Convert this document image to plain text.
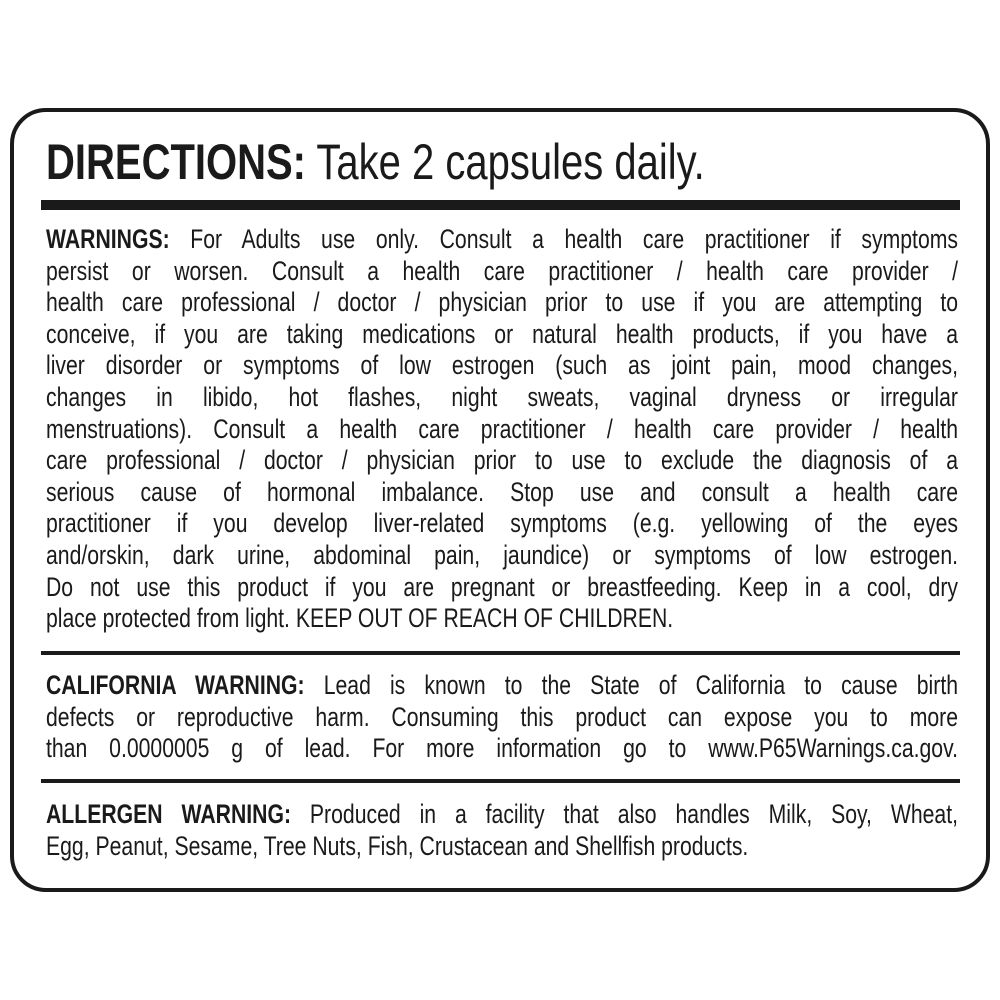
DIRECTIONS: Take 2 capsules daily.
WARNINGS: For Adults use only. Consult a health care practitioner if symptoms
persist or worsen. Consult a health care practitioner / health care provider /
health care professional / doctor / physician prior to use if you are attempting to
conceive, if you are taking medications or natural health products, if you have a
liver disorder or symptoms of low estrogen (such as joint pain, mood changes,
changes in libido, hot flashes, night sweats, vaginal dryness or irregular
menstruations). Consult a health care practitioner / health care provider / health
care professional / doctor / physician prior to use to exclude the diagnosis of a
serious cause of hormonal imbalance. Stop use and consult a health care
practitioner if you develop liver-related symptoms (e.g. yellowing of the eyes
and/orskin, dark urine, abdominal pain, jaundice) or symptoms of low estrogen.
Do not use this product if you are pregnant or breastfeeding. Keep in a cool, dry
place protected from light. KEEP OUT OF REACH OF CHILDREN.
CALIFORNIA WARNING: Lead is known to the State of California to cause birth
defects or reproductive harm. Consuming this product can expose you to more
than 0.0000005 g of lead. For more information go to www.P65Warnings.ca.gov.
ALLERGEN WARNING: Produced in a facility that also handles Milk, Soy, Wheat,
Egg, Peanut, Sesame, Tree Nuts, Fish, Crustacean and Shellfish products.
